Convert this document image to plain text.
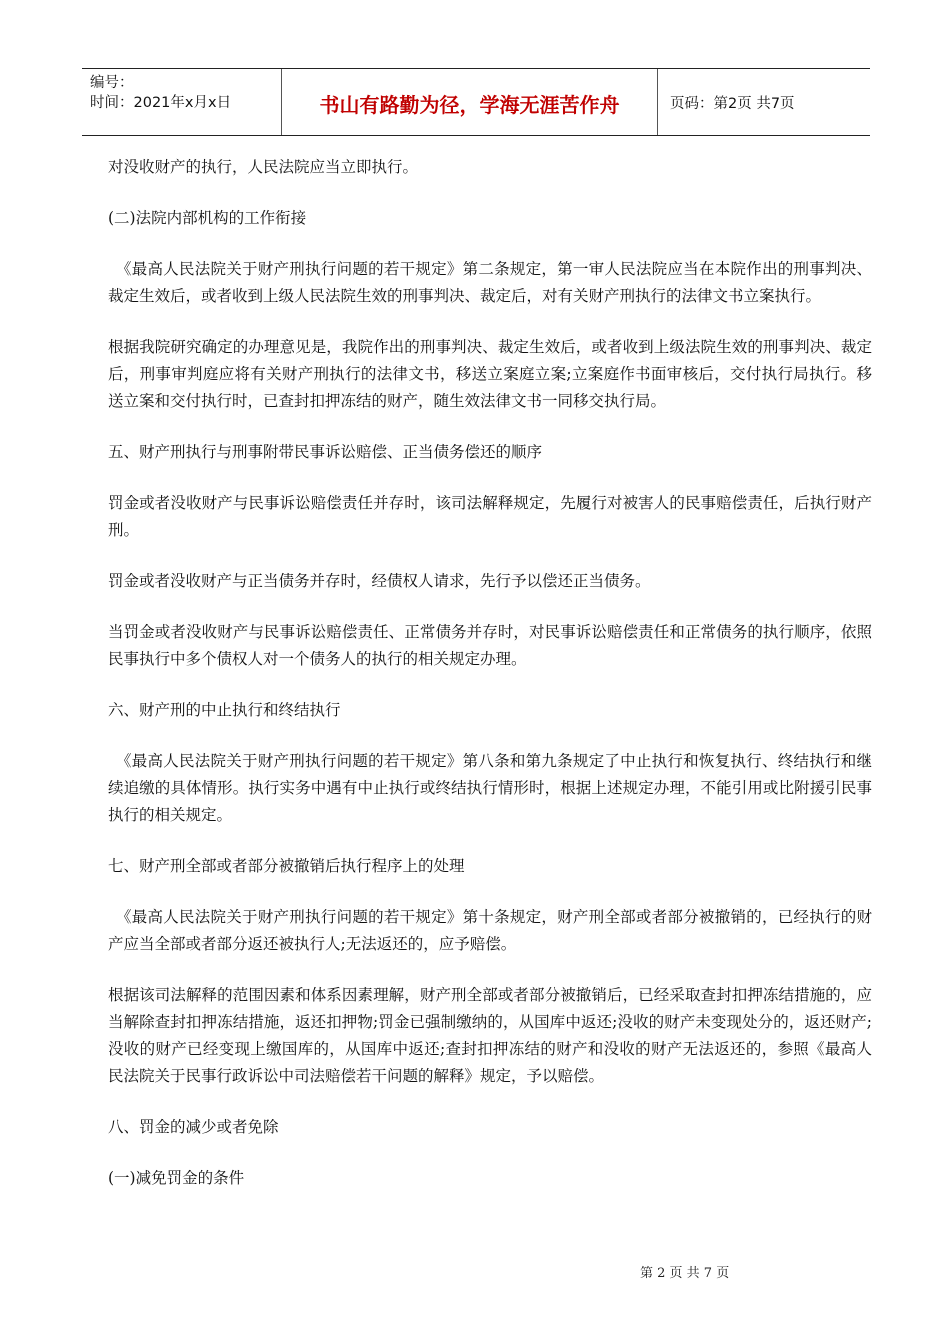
编号：
时间：2021年x月x日	书山有路勤为径，学海无涯苦作舟	页码：第2页 共7页

对没收财产的执行，人民法院应当立即执行。

(二)法院内部机构的工作衔接

《最高人民法院关于财产刑执行问题的若干规定》第二条规定，第一审人民法院应当在本院作出的刑事判决、裁定生效后，或者收到上级人民法院生效的刑事判决、裁定后，对有关财产刑执行的法律文书立案执行。

根据我院研究确定的办理意见是，我院作出的刑事判决、裁定生效后，或者收到上级法院生效的刑事判决、裁定后，刑事审判庭应将有关财产刑执行的法律文书，移送立案庭立案;立案庭作书面审核后，交付执行局执行。移送立案和交付执行时，已查封扣押冻结的财产，随生效法律文书一同移交执行局。

五、财产刑执行与刑事附带民事诉讼赔偿、正当债务偿还的顺序

罚金或者没收财产与民事诉讼赔偿责任并存时，该司法解释规定，先履行对被害人的民事赔偿责任，后执行财产刑。

罚金或者没收财产与正当债务并存时，经债权人请求，先行予以偿还正当债务。

当罚金或者没收财产与民事诉讼赔偿责任、正常债务并存时，对民事诉讼赔偿责任和正常债务的执行顺序，依照民事执行中多个债权人对一个债务人的执行的相关规定办理。

六、财产刑的中止执行和终结执行

《最高人民法院关于财产刑执行问题的若干规定》第八条和第九条规定了中止执行和恢复执行、终结执行和继续追缴的具体情形。执行实务中遇有中止执行或终结执行情形时，根据上述规定办理，不能引用或比附援引民事执行的相关规定。

七、财产刑全部或者部分被撤销后执行程序上的处理

《最高人民法院关于财产刑执行问题的若干规定》第十条规定，财产刑全部或者部分被撤销的，已经执行的财产应当全部或者部分返还被执行人;无法返还的，应予赔偿。

根据该司法解释的范围因素和体系因素理解，财产刑全部或者部分被撤销后，已经采取查封扣押冻结措施的，应当解除查封扣押冻结措施，返还扣押物;罚金已强制缴纳的，从国库中返还;没收的财产未变现处分的，返还财产;没收的财产已经变现上缴国库的，从国库中返还;查封扣押冻结的财产和没收的财产无法返还的，参照《最高人民法院关于民事行政诉讼中司法赔偿若干问题的解释》规定，予以赔偿。

八、罚金的减少或者免除

(一)减免罚金的条件

第 2 页 共 7 页
